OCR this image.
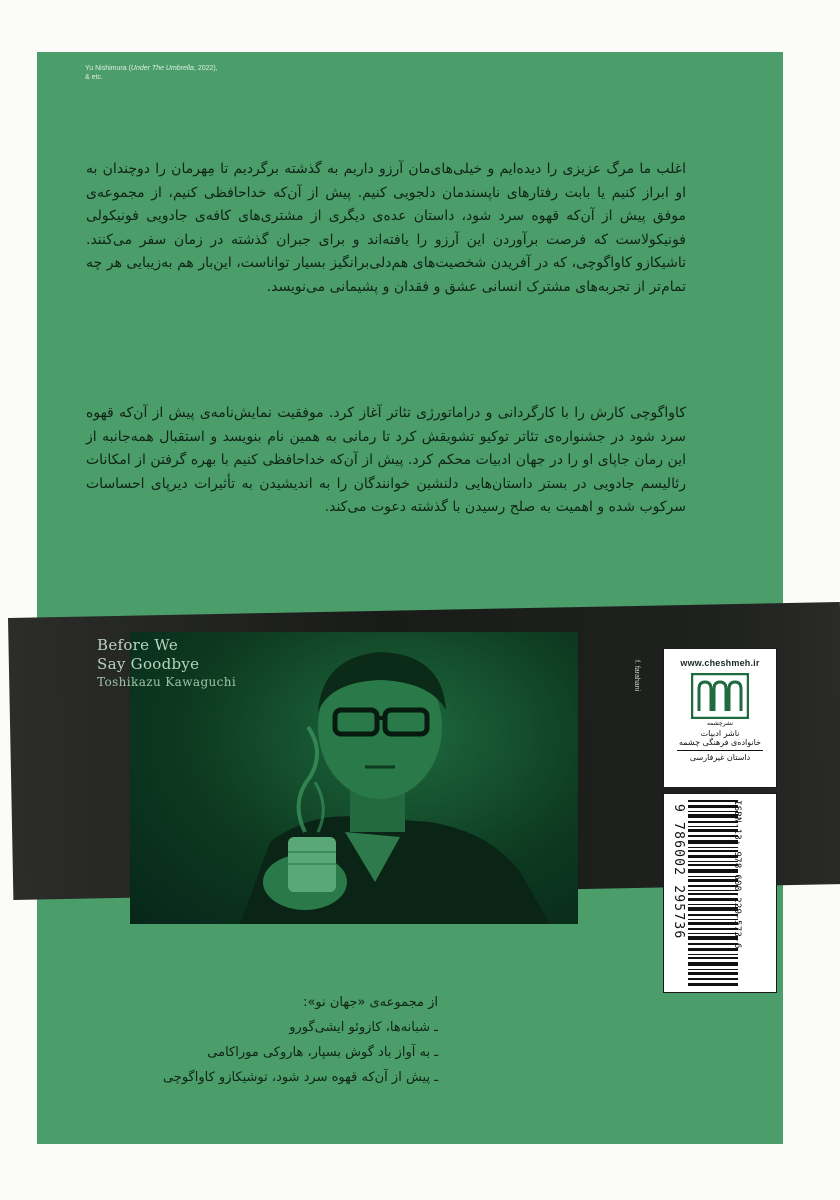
Yu Nishimura (Under The Umbrella, 2022),
& etc.

اغلب ما مرگ عزیزی را دیده‌ایم و خیلی‌های‌مان آرزو داریم به گذشته برگردیم تا مِهرمان را دوچندان به او ابراز کنیم یا بابت رفتارهای ناپسندمان دلجویی کنیم. پیش از آن‌که خداحافظی کنیم، از مجموعه‌ی موفق پیش از آن‌که قهوه سرد شود، داستان عده‌ی دیگری از مشتری‌های کافه‌ی جادویی فونیکولی فونیکولاست که فرصت برآوردن این آرزو را یافته‌اند و برای جبران گذشته در زمان سفر می‌کنند. تاشیکازو کاواگوچی، که در آفریدن شخصیت‌های هم‌دلی‌برانگیز بسیار تواناست، این‌بار هم به‌زیبایی هر چه تمام‌تر از تجربه‌های مشترک انسانی عشق و فقدان و پشیمانی می‌نویسد.

کاواگوچی کارش را با کارگردانی و دراماتورژی تئاتر آغاز کرد. موفقیت نمایش‌نامه‌ی پیش از آن‌که قهوه سرد شود در جشنواره‌ی تئاتر توکیو تشویقش کرد تا رمانی به همین نام بنویسد و استقبال همه‌جانبه از این رمان جاپای او را در جهان ادبیات محکم کرد. پیش از آن‌که خداحافظی کنیم با بهره گرفتن از امکانات رئالیسم جادویی در بستر داستان‌هایی دلنشین خوانندگان را به اندیشیدن به تأثیرات دیرپای احساسات سرکوب شده و اهمیت به صلح رسیدن با گذشته دعوت می‌کند.

Before We
Say Goodbye
Toshikazu Kawaguchi	f. farahani	www.cheshmeh.ir
نشرچشمه
ناشر ادبیات
خانواده‌ی فرهنگی چشمه
داستان غیرفارسی
ISBN-13: 978-600-229-573-6
9 786002 295736
از مجموعه‌ی «جهان نو»:
ـ شبانه‌ها، کازوئو ایشی‌گورو
ـ به آواز باد گوش بسپار، هاروکی موراکامی
ـ پیش از آن‌که قهوه سرد شود، توشیکازو کاواگوچی
